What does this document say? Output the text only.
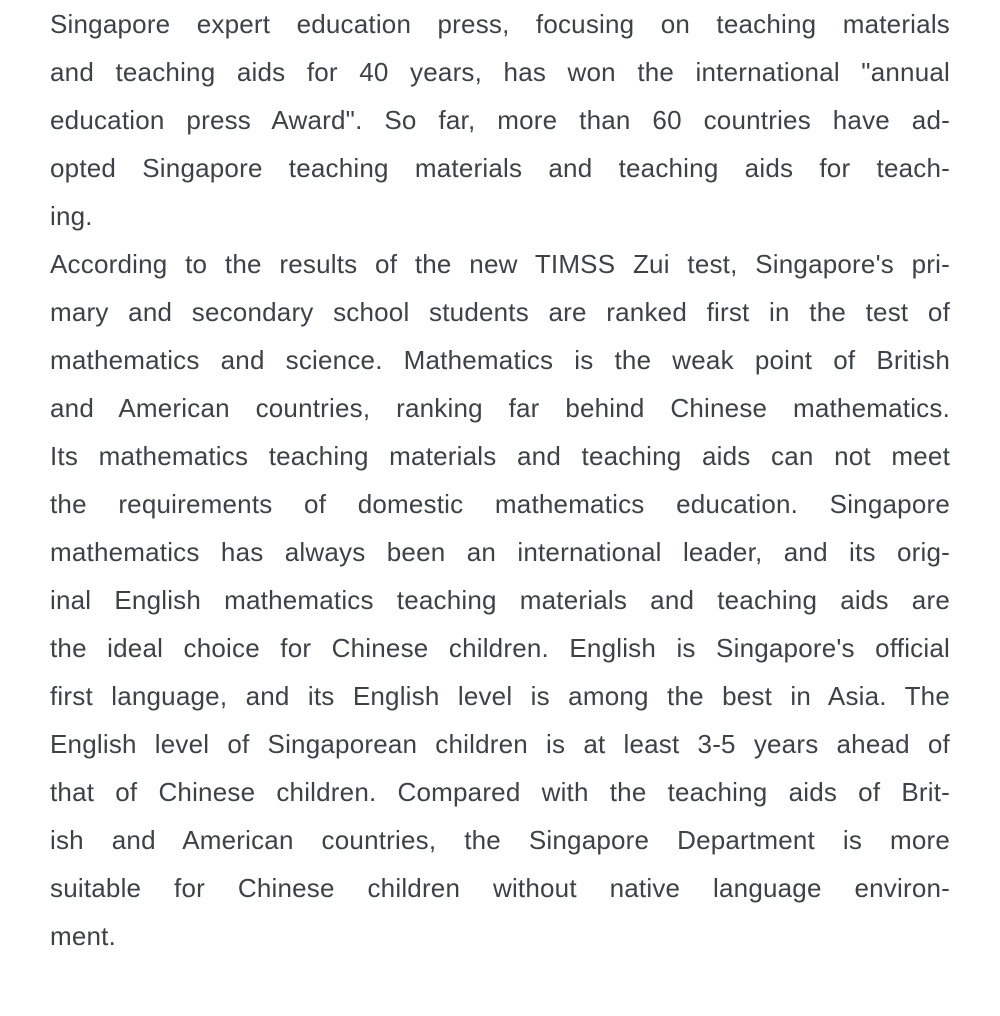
Singapore expert education press, focusing on teaching materials
and teaching aids for 40 years, has won the international "annual
education press Award". So far, more than 60 countries have ad-
opted Singapore teaching materials and teaching aids for teach-
ing.
According to the results of the new TIMSS Zui test, Singapore's pri-
mary and secondary school students are ranked first in the test of
mathematics and science. Mathematics is the weak point of British
and American countries, ranking far behind Chinese mathematics.
Its mathematics teaching materials and teaching aids can not meet
the requirements of domestic mathematics education. Singapore
mathematics has always been an international leader, and its orig-
inal English mathematics teaching materials and teaching aids are
the ideal choice for Chinese children. English is Singapore's official
first language, and its English level is among the best in Asia. The
English level of Singaporean children is at least 3-5 years ahead of
that of Chinese children. Compared with the teaching aids of Brit-
ish and American countries, the Singapore Department is more
suitable for Chinese children without native language environ-
ment.
